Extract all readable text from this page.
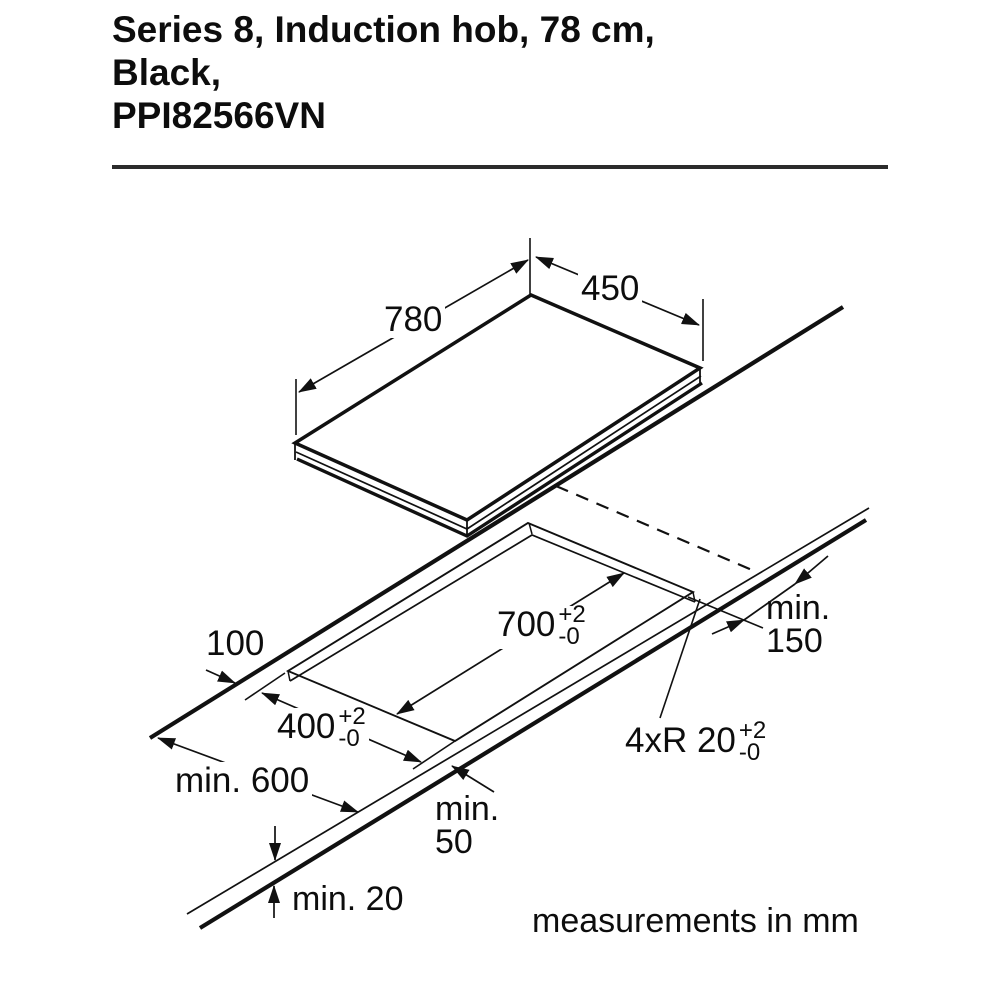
Series 8, Induction hob, 78 cm,
Black,
PPI82566VN
780
450
700 +2
-0
400 +2
-0	4xR 20 +2
-0
100
min. 600
min.
150
min.
50
min. 20
measurements in mm
